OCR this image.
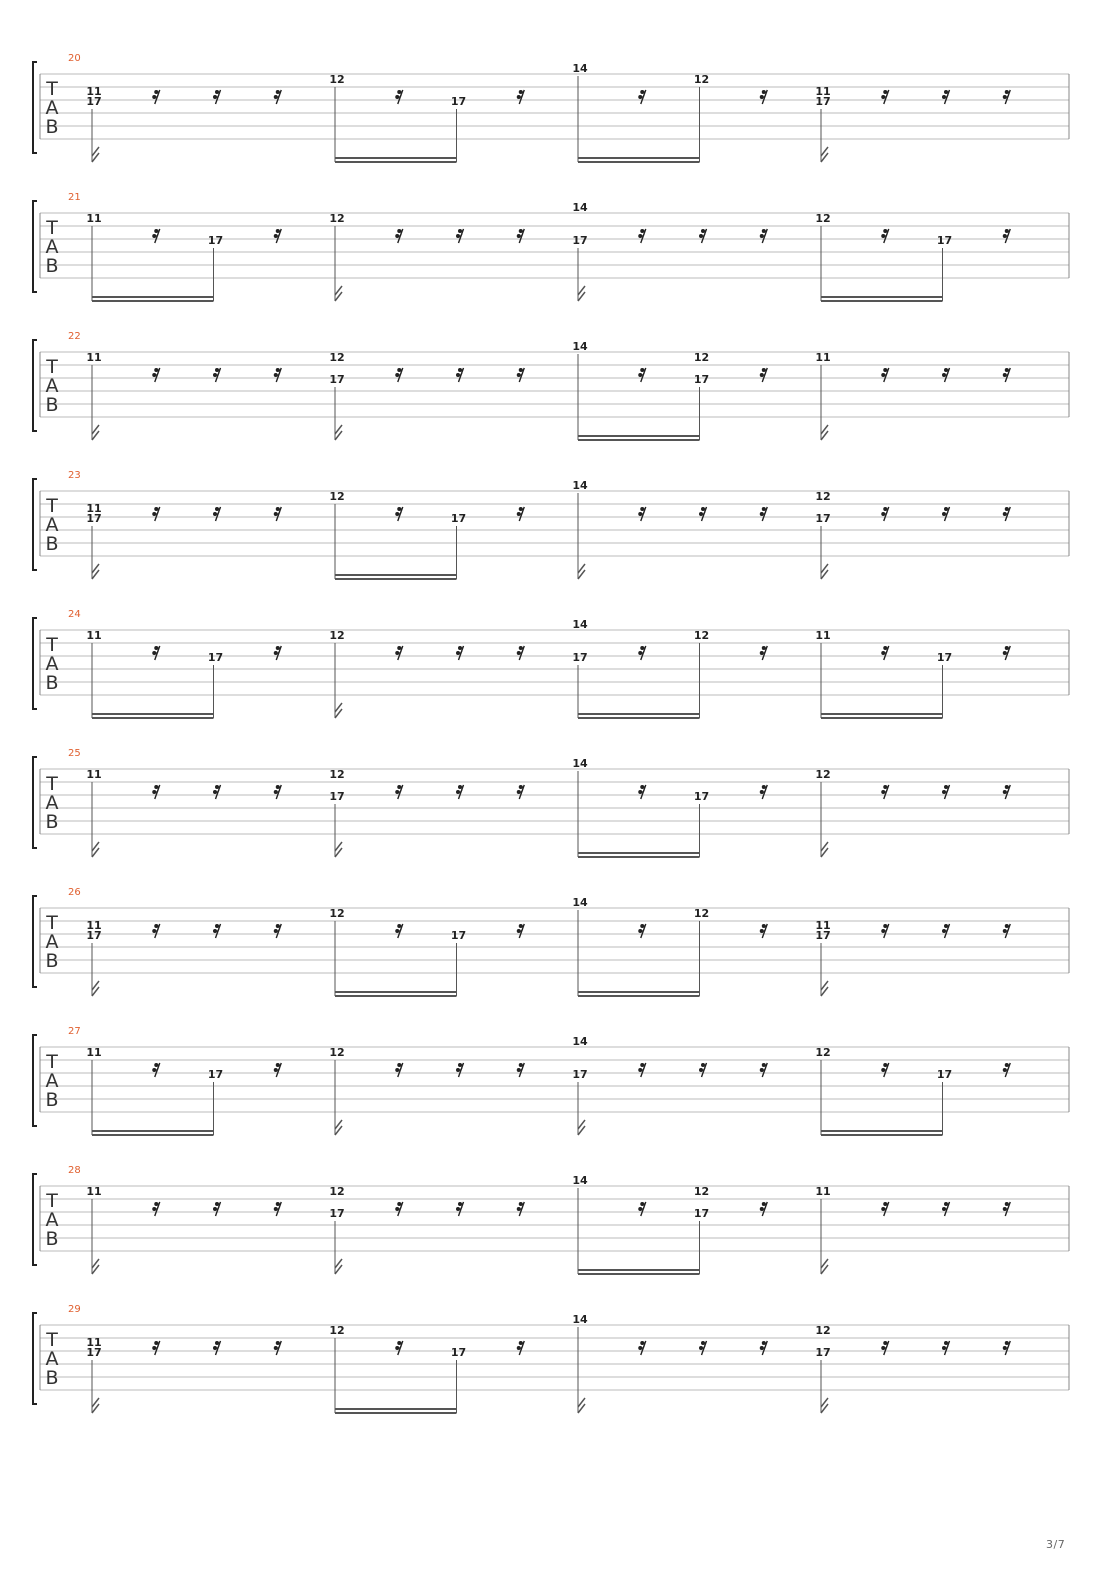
T
A
B
20
11
17
12
17
14
12
11
17
T
A
B
21
11
17
12
14
17
12
17
T
A
B
22
11	12
17
14
12
17
11
T
A
B
23
11
17
12
17
14
12
17
T
A
B
24
11
17
12
14
17
12	11
17
T
A
B
25
11	12
17
14
17
12
T
A
B
26
11
17
12
17
14
12
11
17
T
A
B
27
11
17
12
14
17
12
17
T
A
B
28
11	12
17
14
12
17
11
T
A
B
29
11
17
12
17
14
12
17
3/7
